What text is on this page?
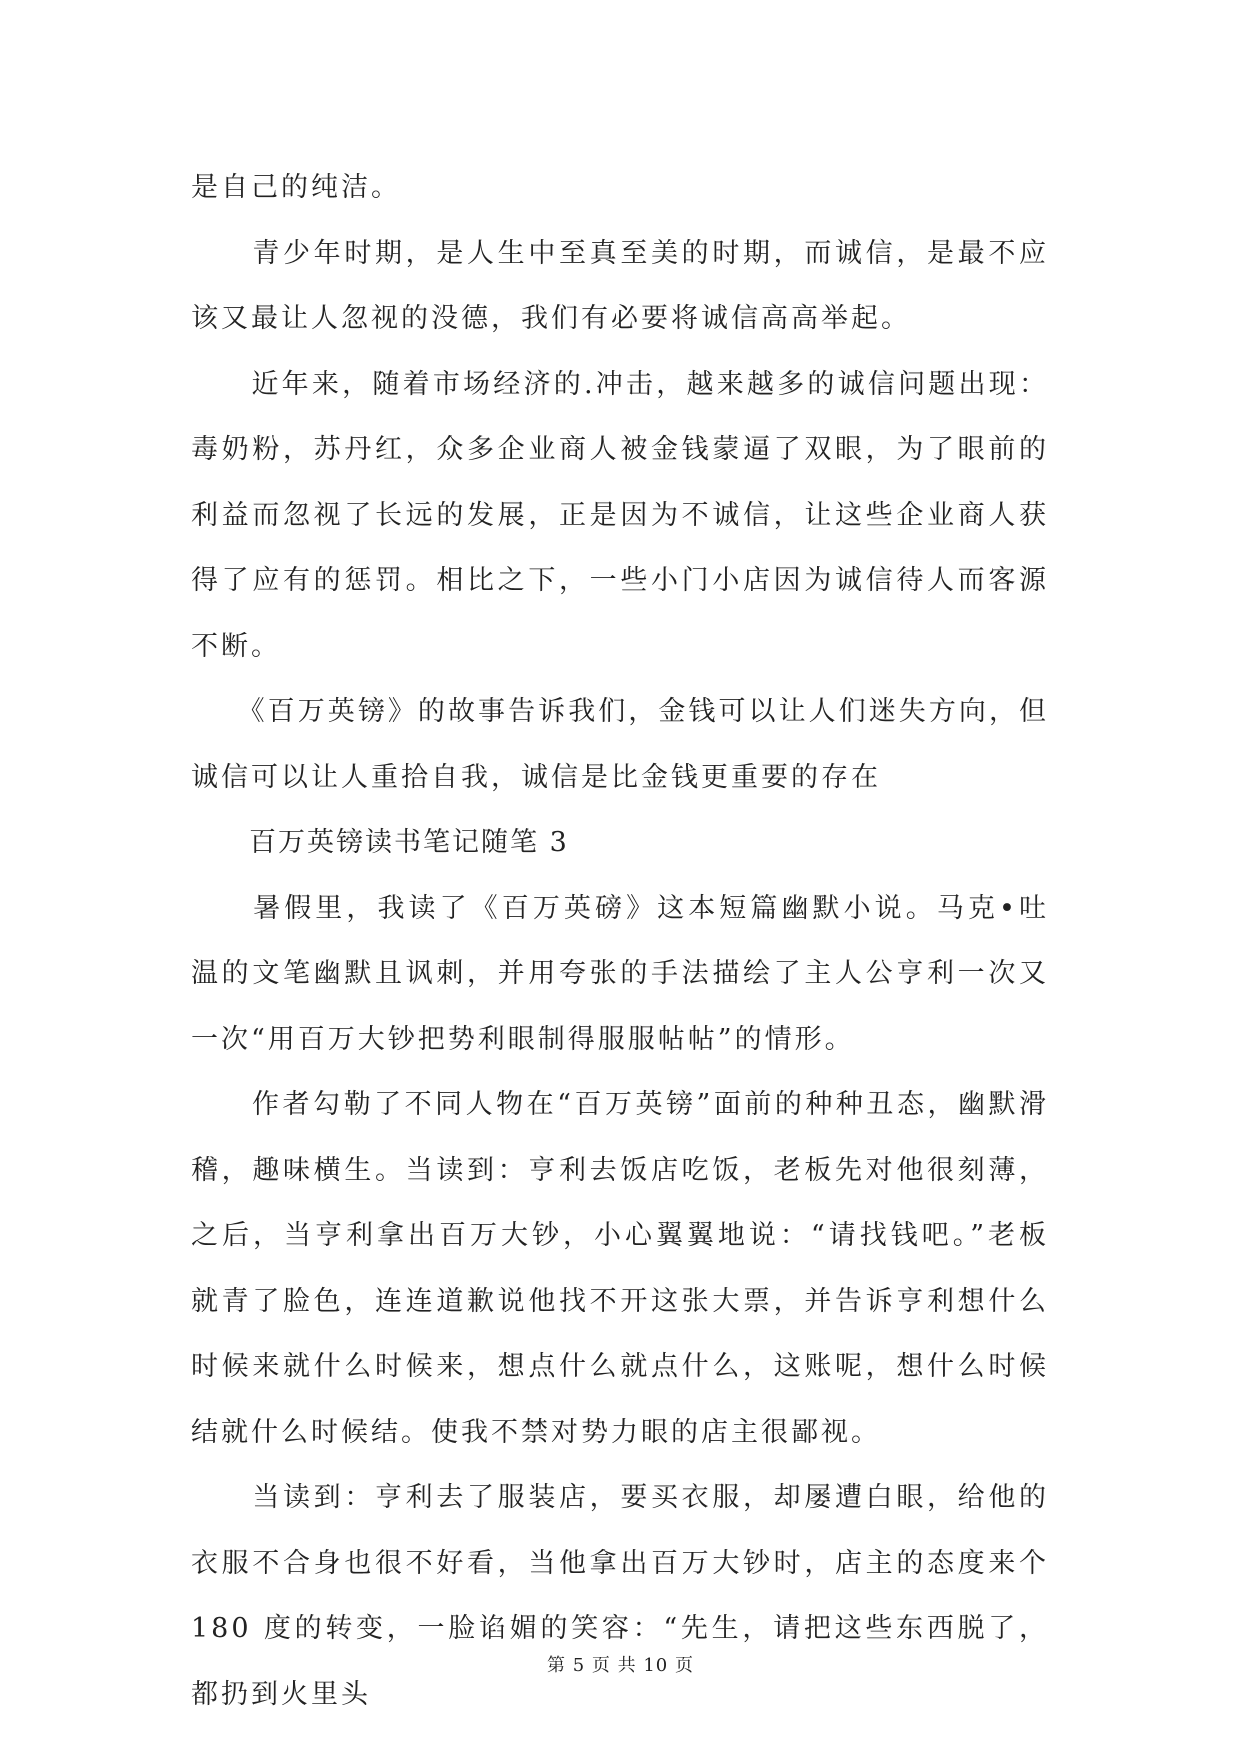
是自己的纯洁。

　　青少年时期，是人生中至真至美的时期，而诚信，是最不应该又最让人忽视的没德，我们有必要将诚信高高举起。

　　近年来，随着市场经济的.冲击，越来越多的诚信问题出现：毒奶粉，苏丹红，众多企业商人被金钱蒙逼了双眼，为了眼前的利益而忽视了长远的发展，正是因为不诚信，让这些企业商人获得了应有的惩罚。相比之下，一些小门小店因为诚信待人而客源不断。

　　《百万英镑》的故事告诉我们，金钱可以让人们迷失方向，但诚信可以让人重拾自我，诚信是比金钱更重要的存在

　　百万英镑读书笔记随笔 3

　　暑假里，我读了《百万英磅》这本短篇幽默小说。马克•吐温的文笔幽默且讽刺，并用夸张的手法描绘了主人公亨利一次又一次“用百万大钞把势利眼制得服服帖帖”的情形。

　　作者勾勒了不同人物在“百万英镑”面前的种种丑态，幽默滑稽，趣味横生。当读到：亨利去饭店吃饭，老板先对他很刻薄，之后，当亨利拿出百万大钞，小心翼翼地说：“请找钱吧。”老板就青了脸色，连连道歉说他找不开这张大票，并告诉亨利想什么时候来就什么时候来，想点什么就点什么，这账呢，想什么时候结就什么时候结。使我不禁对势力眼的店主很鄙视。

　　当读到：亨利去了服装店，要买衣服，却屡遭白眼，给他的衣服不合身也很不好看，当他拿出百万大钞时，店主的态度来个 180 度的转变，一脸谄媚的笑容：“先生，请把这些东西脱了，都扔到火里头

第 5 页 共 10 页
